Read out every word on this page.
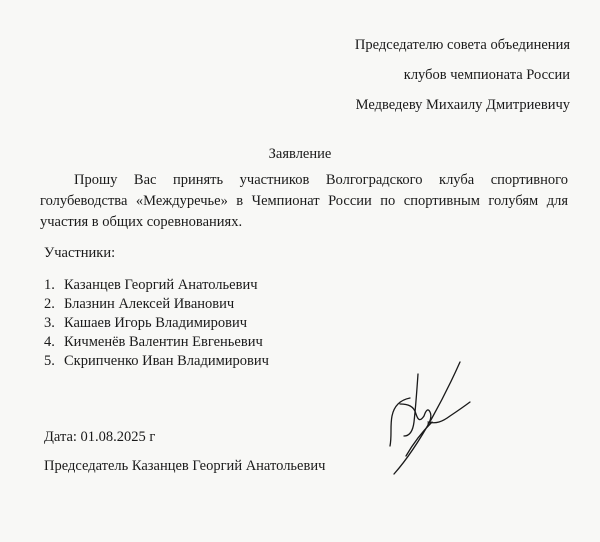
Председателю совета объединения
клубов чемпионата России
Медведеву Михаилу Дмитриевичу
Заявление
Прошу Вас принять участников Волгоградского клуба спортивного голубеводства «Междуречье» в Чемпионат России по спортивным голубям для участия в общих соревнованиях.
Участники:
1. Казанцев Георгий Анатольевич
2. Блазнин Алексей Иванович
3. Кашаев Игорь Владимирович
4. Кичменёв Валентин Евгеньевич
5. Скрипченко Иван Владимирович
Дата: 01.08.2025 г
Председатель Казанцев Георгий Анатольевич
